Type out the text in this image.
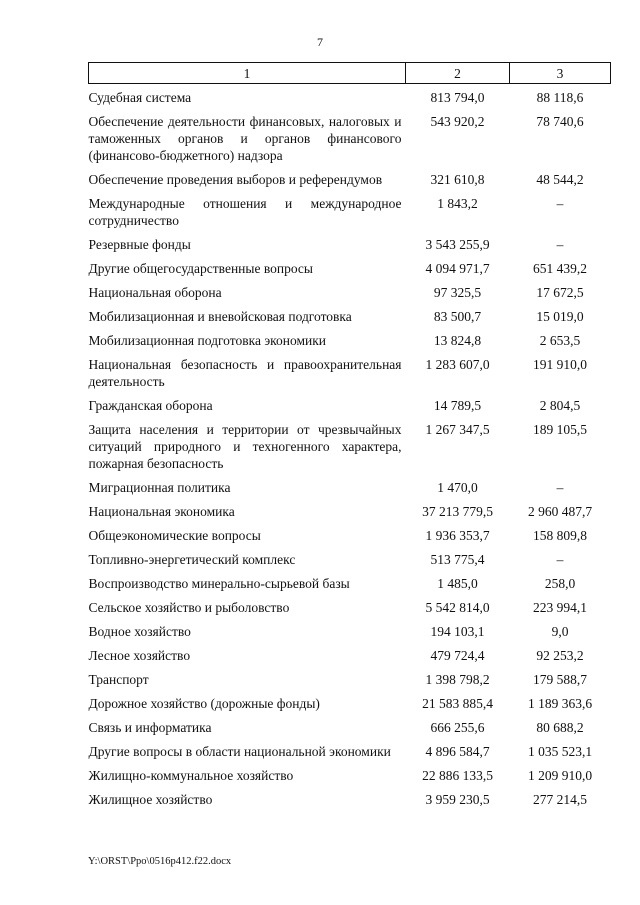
7
1	2	3
Судебная система	813 794,0	88 118,6
Обеспечение деятельности финансовых, налоговых и таможенных органов и органов финансового (финансово-бюджетного) надзора	543 920,2	78 740,6
Обеспечение проведения выборов и референдумов	321 610,8	48 544,2
Международные отношения и международное сотрудничество	1 843,2	–
Резервные фонды	3 543 255,9	–
Другие общегосударственные вопросы	4 094 971,7	651 439,2
Национальная оборона	97 325,5	17 672,5
Мобилизационная и вневойсковая подготовка	83 500,7	15 019,0
Мобилизационная подготовка экономики	13 824,8	2 653,5
Национальная безопасность и правоохранительная деятельность	1 283 607,0	191 910,0
Гражданская оборона	14 789,5	2 804,5
Защита населения и территории от чрезвычайных ситуаций природного и техногенного характера, пожарная безопасность	1 267 347,5	189 105,5
Миграционная политика	1 470,0	–
Национальная экономика	37 213 779,5	2 960 487,7
Общеэкономические вопросы	1 936 353,7	158 809,8
Топливно-энергетический комплекс	513 775,4	–
Воспроизводство минерально-сырьевой базы	1 485,0	258,0
Сельское хозяйство и рыболовство	5 542 814,0	223 994,1
Водное хозяйство	194 103,1	9,0
Лесное хозяйство	479 724,4	92 253,2
Транспорт	1 398 798,2	179 588,7
Дорожное хозяйство (дорожные фонды)	21 583 885,4	1 189 363,6
Связь и информатика	666 255,6	80 688,2
Другие вопросы в области национальной экономики	4 896 584,7	1 035 523,1
Жилищно-коммунальное хозяйство	22 886 133,5	1 209 910,0
Жилищное хозяйство	3 959 230,5	277 214,5
Y:\ORST\Ppo\0516p412.f22.docx
